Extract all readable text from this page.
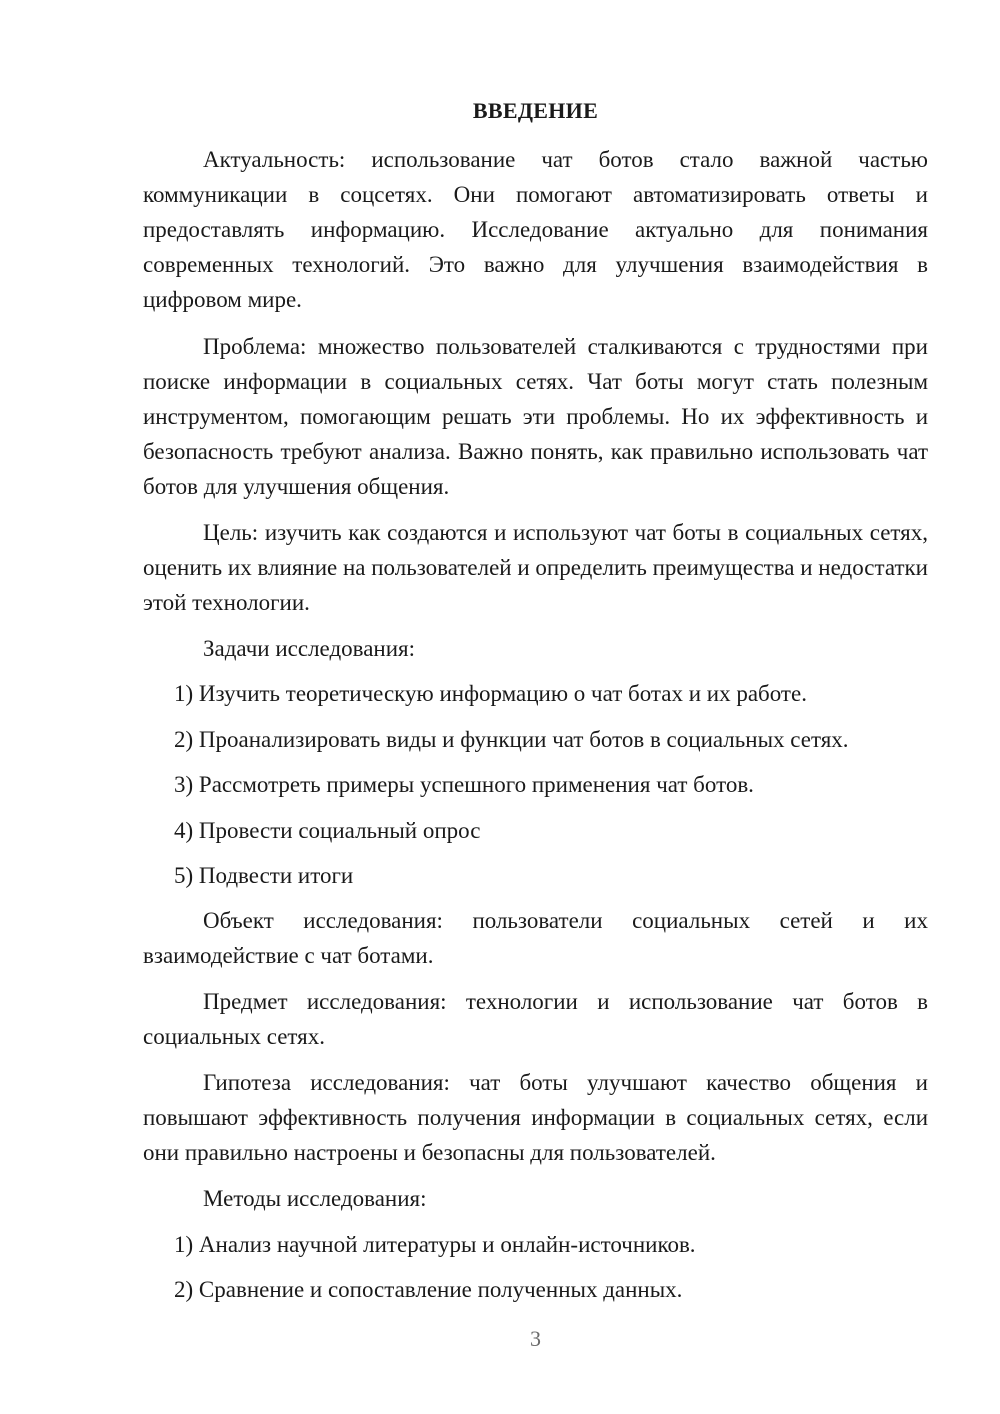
ВВЕДЕНИЕ
Актуальность: использование чат ботов стало важной частью коммуникации в соцсетях. Они помогают автоматизировать ответы и предоставлять информацию. Исследование актуально для понимания современных технологий. Это важно для улучшения взаимодействия в цифровом мире.
Проблема: множество пользователей сталкиваются с трудностями при поиске информации в социальных сетях. Чат боты могут стать полезным инструментом, помогающим решать эти проблемы. Но их эффективность и безопасность требуют анализа. Важно понять, как правильно использовать чат ботов для улучшения общения.
Цель: изучить как создаются и используют чат боты в социальных сетях, оценить их влияние на пользователей и определить преимущества и недостатки этой технологии.
Задачи исследования:
1) Изучить теоретическую информацию о чат ботах и их работе.
2) Проанализировать виды и функции чат ботов в социальных сетях.
3) Рассмотреть примеры успешного применения чат ботов.
4) Провести социальный опрос
5) Подвести итоги
Объект исследования: пользователи социальных сетей и их взаимодействие с чат ботами.
Предмет исследования: технологии и использование чат ботов в социальных сетях.
Гипотеза исследования: чат боты улучшают качество общения и повышают эффективность получения информации в социальных сетях, если они правильно настроены и безопасны для пользователей.
Методы исследования:
1) Анализ научной литературы и онлайн-источников.
2) Сравнение и сопоставление полученных данных.
3
